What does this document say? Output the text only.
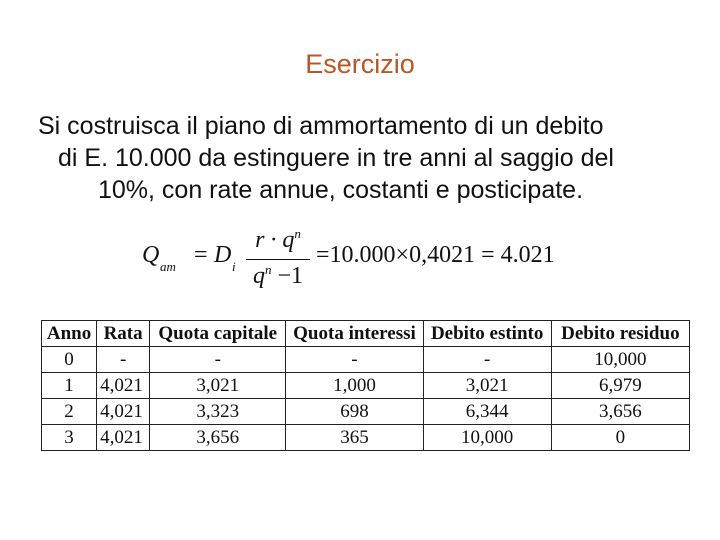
Esercizio
Si costruisca il piano di ammortamento di un debito
di E. 10.000 da estinguere in tre anni al saggio del
10%, con rate annue, costanti e posticipate.
Q am = D i
$r \cdot q^n$
$q^n -1$
=10.000×0,4021 = 4.021
Anno	Rata	Quota capitale	Quota interessi	Debito estinto	Debito residuo
0	-	-	-	-	10,000
1	4,021	3,021	1,000	3,021	6,979
2	4,021	3,323	698	6,344	3,656
3	4,021	3,656	365	10,000	0
